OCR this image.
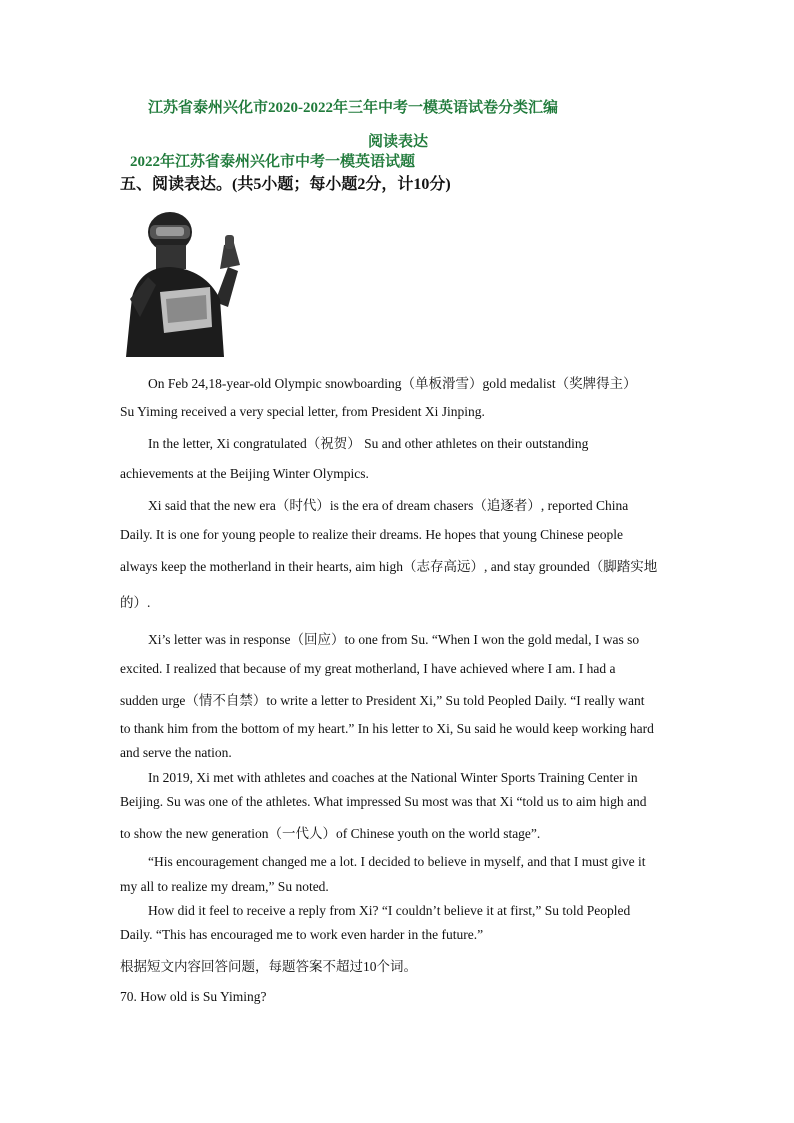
江苏省泰州兴化市2020-2022年三年中考一模英语试卷分类汇编
阅读表达
2022年江苏省泰州兴化市中考一模英语试题
五、阅读表达。(共5小题；每小题2分，计10分)
On Feb 24,18-year-old Olympic snowboarding（单板滑雪）gold medalist（奖牌得主）
Su Yiming received a very special letter, from President Xi Jinping.
In the letter, Xi congratulated（祝贺） Su and other athletes on their outstanding
achievements at the Beijing Winter Olympics.
Xi said that the new era（时代）is the era of dream chasers（追逐者）, reported China
Daily. It is one for young people to realize their dreams. He hopes that young Chinese people
always keep the motherland in their hearts, aim high（志存高远）, and stay grounded（脚踏实地
的）.
Xi’s letter was in response（回应）to one from Su. “When I won the gold medal, I was so
excited. I realized that because of my great motherland, I have achieved where I am. I had a
sudden urge（情不自禁）to write a letter to President Xi,” Su told Peopled Daily. “I really want
to thank him from the bottom of my heart.” In his letter to Xi, Su said he would keep working hard
and serve the nation.
In 2019, Xi met with athletes and coaches at the National Winter Sports Training Center in
Beijing. Su was one of the athletes. What impressed Su most was that Xi “told us to aim high and
to show the new generation（一代人）of Chinese youth on the world stage”.
“His encouragement changed me a lot. I decided to believe in myself, and that I must give it
my all to realize my dream,” Su noted.
How did it feel to receive a reply from Xi? “I couldn’t believe it at first,” Su told Peopled
Daily. “This has encouraged me to work even harder in the future.”
根据短文内容回答问题，每题答案不超过10个词。
70. How old is Su Yiming?
